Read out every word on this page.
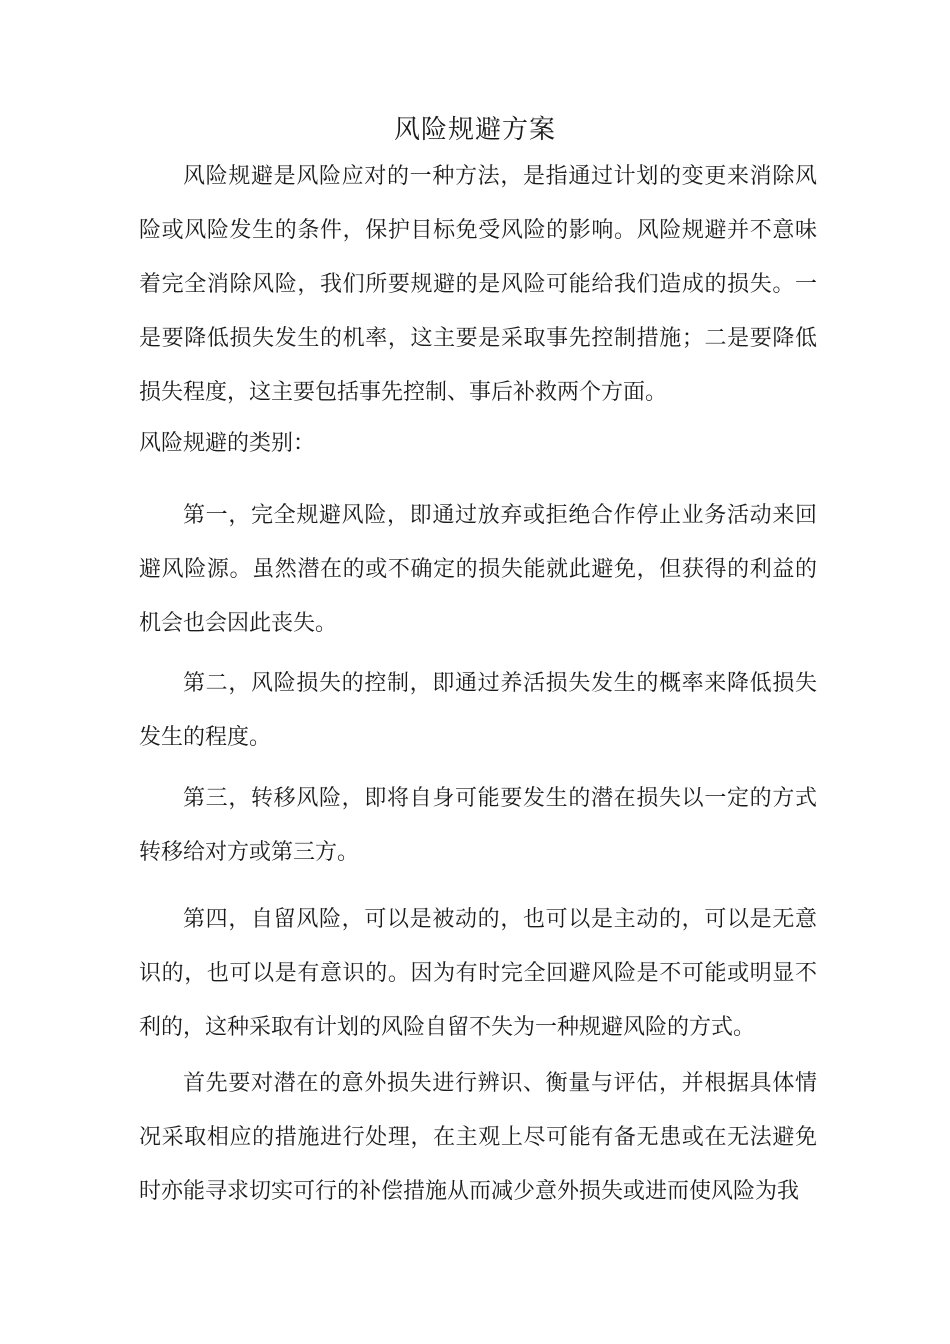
风险规避方案

风险规避是风险应对的一种方法，是指通过计划的变更来消除风险或风险发生的条件，保护目标免受风险的影响。风险规避并不意味着完全消除风险，我们所要规避的是风险可能给我们造成的损失。一是要降低损失发生的机率，这主要是采取事先控制措施；二是要降低损失程度，这主要包括事先控制、事后补救两个方面。

风险规避的类别：

第一，完全规避风险，即通过放弃或拒绝合作停止业务活动来回避风险源。虽然潜在的或不确定的损失能就此避免，但获得的利益的机会也会因此丧失。

第二，风险损失的控制，即通过养活损失发生的概率来降低损失发生的程度。

第三，转移风险，即将自身可能要发生的潜在损失以一定的方式转移给对方或第三方。

第四，自留风险，可以是被动的，也可以是主动的，可以是无意识的，也可以是有意识的。因为有时完全回避风险是不可能或明显不利的，这种采取有计划的风险自留不失为一种规避风险的方式。

首先要对潜在的意外损失进行辨识、衡量与评估，并根据具体情况采取相应的措施进行处理，在主观上尽可能有备无患或在无法避免时亦能寻求切实可行的补偿措施从而减少意外损失或进而使风险为我
